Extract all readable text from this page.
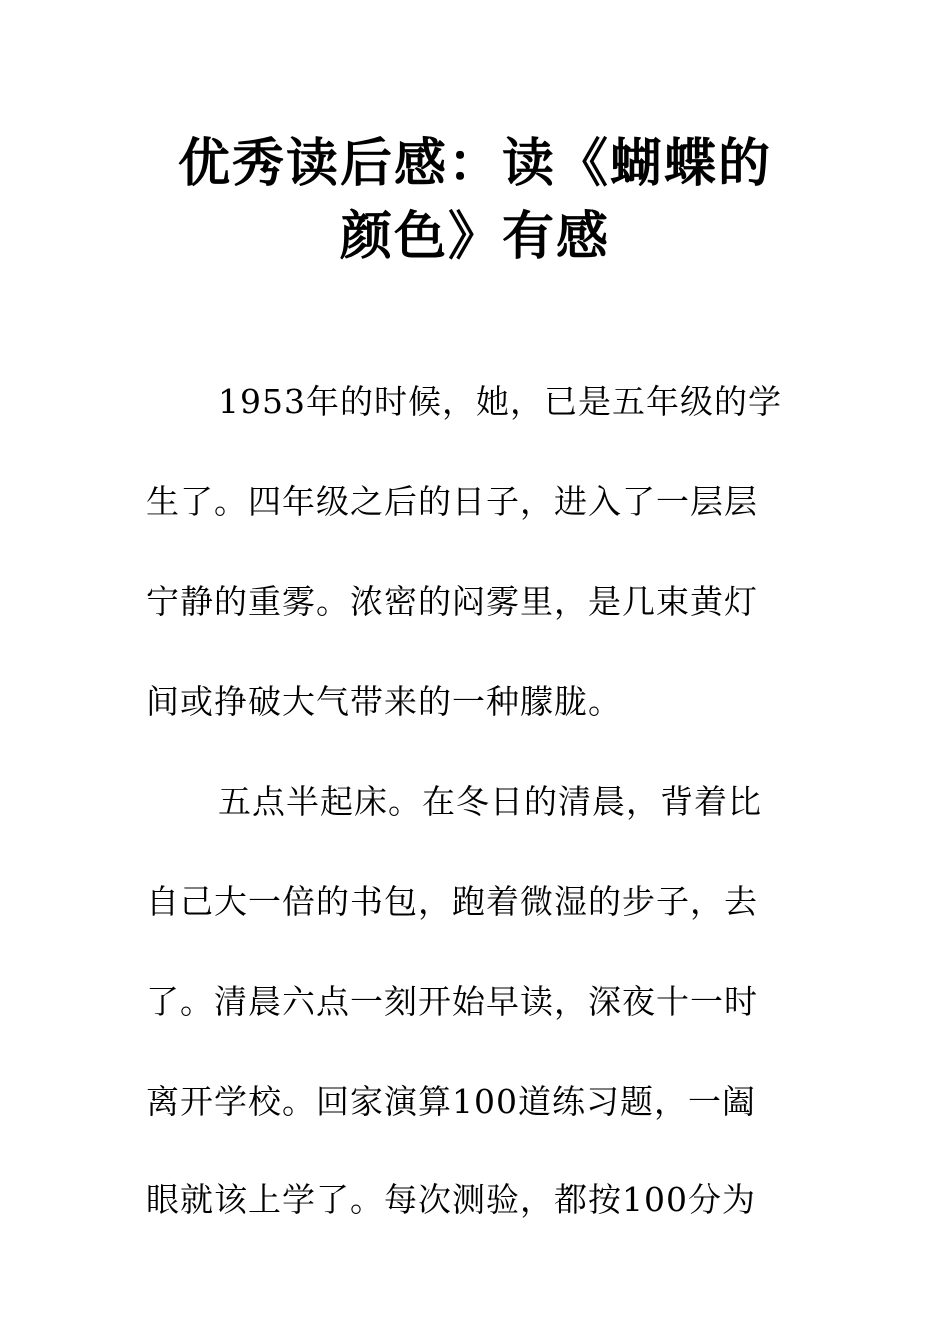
优秀读后感：读《蝴蝶的
颜色》有感
1953年的时候，她，已是五年级的学
生了。四年级之后的日子，进入了一层层
宁静的重雾。浓密的闷雾里，是几束黄灯
间或挣破大气带来的一种朦胧。
五点半起床。在冬日的清晨，背着比
自己大一倍的书包，跑着微湿的步子，去
了。清晨六点一刻开始早读，深夜十一时
离开学校。回家演算100道练习题，一阖
眼就该上学了。每次测验，都按100分为
